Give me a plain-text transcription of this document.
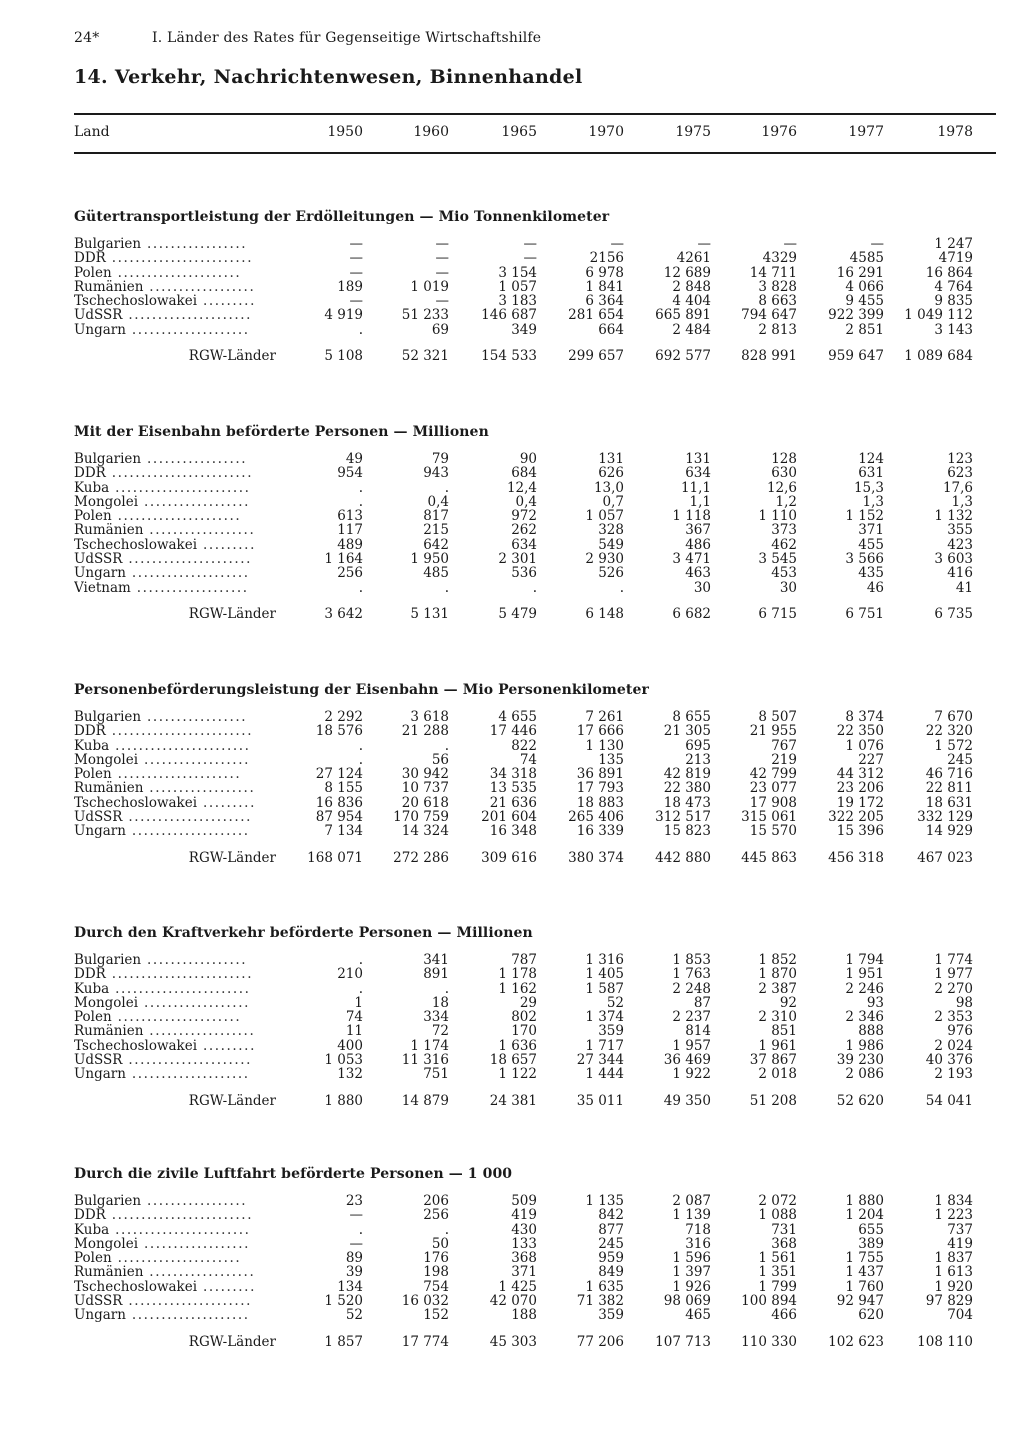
24*	I. Länder des Rates für Gegenseitige Wirtschaftshilfe
14. Verkehr, Nachrichtenwesen, Binnenhandel
Land	1950	1960	1965	1970	1975	1976	1977	1978
Gütertransportleistung der Erdölleitungen — Mio Tonnenkilometer
Bulgarien .................	—	—	—	—	—	—	—	1 247
DDR ........................	—	—	—	2156	4261	4329	4585	4719
Polen .....................	—	—	3 154	6 978	12 689	14 711	16 291	16 864
Rumänien ..................	189	1 019	1 057	1 841	2 848	3 828	4 066	4 764
Tschechoslowakei .........	—	—	3 183	6 364	4 404	8 663	9 455	9 835
UdSSR .....................	4 919	51 233	146 687	281 654	665 891	794 647	922 399	1 049 112
Ungarn ....................	.	69	349	664	2 484	2 813	2 851	3 143
RGW-Länder	5 108	52 321	154 533	299 657	692 577	828 991	959 647	1 089 684
Mit der Eisenbahn beförderte Personen — Millionen
Bulgarien .................	49	79	90	131	131	128	124	123
DDR ........................	954	943	684	626	634	630	631	623
Kuba .......................	.	.	12,4	13,0	11,1	12,6	15,3	17,6
Mongolei ..................	.	0,4	0,4	0,7	1,1	1,2	1,3	1,3
Polen .....................	613	817	972	1 057	1 118	1 110	1 152	1 132
Rumänien ..................	117	215	262	328	367	373	371	355
Tschechoslowakei .........	489	642	634	549	486	462	455	423
UdSSR .....................	1 164	1 950	2 301	2 930	3 471	3 545	3 566	3 603
Ungarn ....................	256	485	536	526	463	453	435	416
Vietnam ...................	.	.	.	.	30	30	46	41
RGW-Länder	3 642	5 131	5 479	6 148	6 682	6 715	6 751	6 735
Personenbeförderungsleistung der Eisenbahn — Mio Personenkilometer
Bulgarien .................	2 292	3 618	4 655	7 261	8 655	8 507	8 374	7 670
DDR ........................	18 576	21 288	17 446	17 666	21 305	21 955	22 350	22 320
Kuba .......................	.	.	822	1 130	695	767	1 076	1 572
Mongolei ..................	.	56	74	135	213	219	227	245
Polen .....................	27 124	30 942	34 318	36 891	42 819	42 799	44 312	46 716
Rumänien ..................	8 155	10 737	13 535	17 793	22 380	23 077	23 206	22 811
Tschechoslowakei .........	16 836	20 618	21 636	18 883	18 473	17 908	19 172	18 631
UdSSR .....................	87 954	170 759	201 604	265 406	312 517	315 061	322 205	332 129
Ungarn ....................	7 134	14 324	16 348	16 339	15 823	15 570	15 396	14 929
RGW-Länder	168 071	272 286	309 616	380 374	442 880	445 863	456 318	467 023
Durch den Kraftverkehr beförderte Personen — Millionen
Bulgarien .................	.	341	787	1 316	1 853	1 852	1 794	1 774
DDR ........................	210	891	1 178	1 405	1 763	1 870	1 951	1 977
Kuba .......................	.	.	1 162	1 587	2 248	2 387	2 246	2 270
Mongolei ..................	1	18	29	52	87	92	93	98
Polen .....................	74	334	802	1 374	2 237	2 310	2 346	2 353
Rumänien ..................	11	72	170	359	814	851	888	976
Tschechoslowakei .........	400	1 174	1 636	1 717	1 957	1 961	1 986	2 024
UdSSR .....................	1 053	11 316	18 657	27 344	36 469	37 867	39 230	40 376
Ungarn ....................	132	751	1 122	1 444	1 922	2 018	2 086	2 193
RGW-Länder	1 880	14 879	24 381	35 011	49 350	51 208	52 620	54 041
Durch die zivile Luftfahrt beförderte Personen — 1 000
Bulgarien .................	23	206	509	1 135	2 087	2 072	1 880	1 834
DDR ........................	—	256	419	842	1 139	1 088	1 204	1 223
Kuba .......................	.	.	430	877	718	731	655	737
Mongolei ..................	—	50	133	245	316	368	389	419
Polen .....................	89	176	368	959	1 596	1 561	1 755	1 837
Rumänien ..................	39	198	371	849	1 397	1 351	1 437	1 613
Tschechoslowakei .........	134	754	1 425	1 635	1 926	1 799	1 760	1 920
UdSSR .....................	1 520	16 032	42 070	71 382	98 069	100 894	92 947	97 829
Ungarn ....................	52	152	188	359	465	466	620	704
RGW-Länder	1 857	17 774	45 303	77 206	107 713	110 330	102 623	108 110
